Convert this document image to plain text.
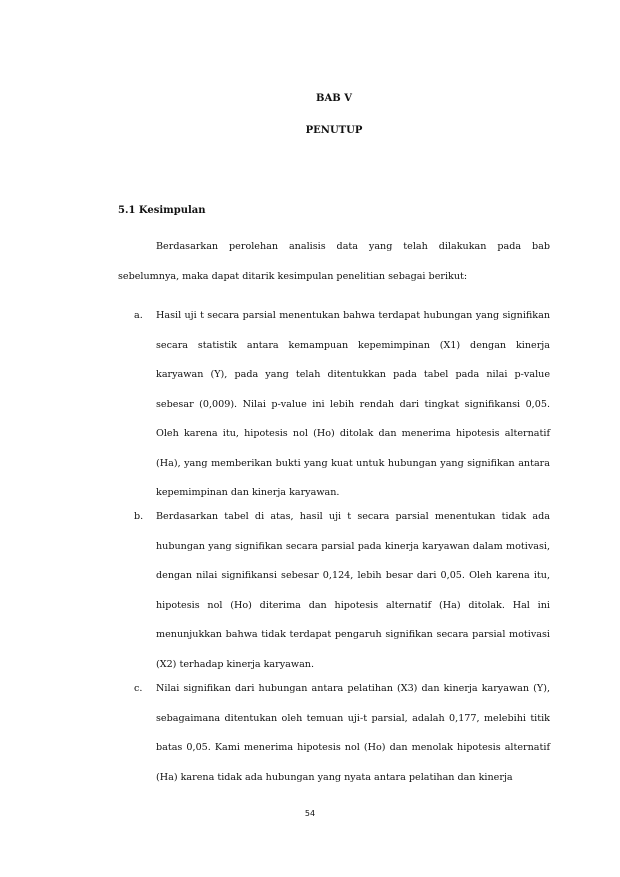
BAB V
PENUTUP
5.1 Kesimpulan
Berdasarkan perolehan analisis data yang telah dilakukan pada bab sebelumnya, maka dapat ditarik kesimpulan penelitian sebagai berikut:
a. Hasil uji t secara parsial menentukan bahwa terdapat hubungan yang signifikan secara statistik antara kemampuan kepemimpinan (X1) dengan kinerja karyawan (Y), pada yang telah ditentukkan pada tabel pada nilai p-value sebesar (0,009). Nilai p-value ini lebih rendah dari tingkat signifikansi 0,05. Oleh karena itu, hipotesis nol (Ho) ditolak dan menerima hipotesis alternatif (Ha), yang memberikan bukti yang kuat untuk hubungan yang signifikan antara kepemimpinan dan kinerja karyawan.
b. Berdasarkan tabel di atas, hasil uji t secara parsial menentukan tidak ada hubungan yang signifikan secara parsial pada kinerja karyawan dalam motivasi, dengan nilai signifikansi sebesar 0,124, lebih besar dari 0,05. Oleh karena itu, hipotesis nol (Ho) diterima dan hipotesis alternatif (Ha) ditolak. Hal ini menunjukkan bahwa tidak terdapat pengaruh signifikan secara parsial motivasi (X2) terhadap kinerja karyawan.
c. Nilai signifikan dari hubungan antara pelatihan (X3) dan kinerja karyawan (Y), sebagaimana ditentukan oleh temuan uji-t parsial, adalah 0,177, melebihi titik batas 0,05. Kami menerima hipotesis nol (Ho) dan menolak hipotesis alternatif (Ha) karena tidak ada hubungan yang nyata antara pelatihan dan kinerja
54
